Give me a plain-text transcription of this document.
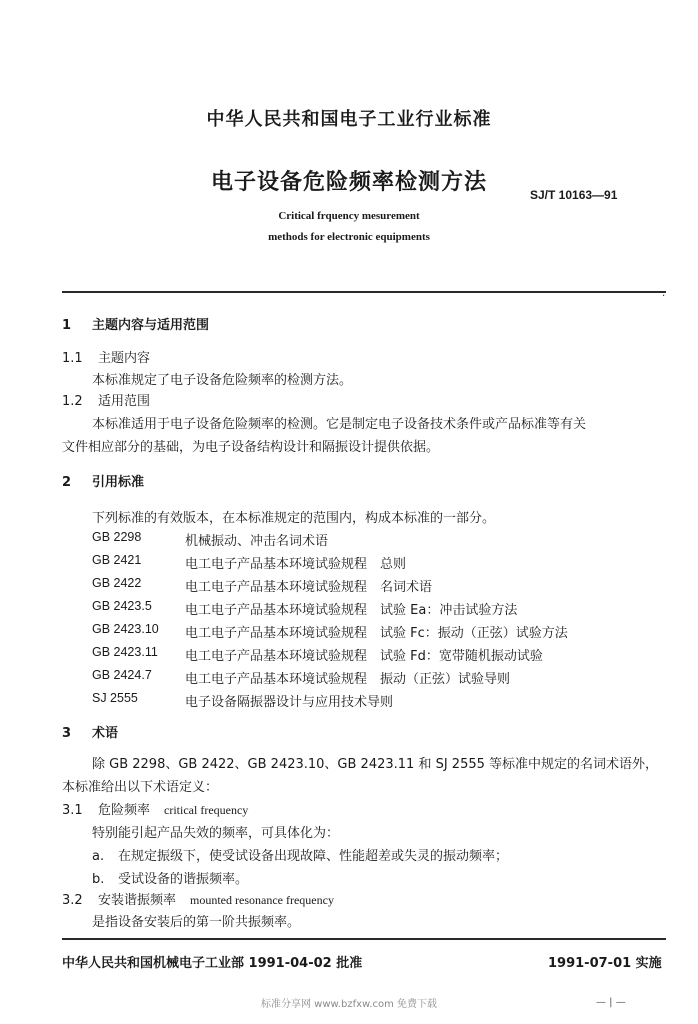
中华人民共和国电子工业行业标准
电子设备危险频率检测方法	SJ/T 10163—91
Critical frquency mesurement
methods for electronic equipments
.
1 主题内容与适用范围
1.1 主题内容
本标准规定了电子设备危险频率的检测方法。
1.2 适用范围
本标准适用于电子设备危险频率的检测。它是制定电子设备技术条件或产品标准等有关
文件相应部分的基础，为电子设备结构设计和隔振设计提供依据。
2 引用标准
下列标准的有效版本，在本标准规定的范围内，构成本标准的一部分。
GB 2298	机械振动、冲击名词术语
GB 2421	电工电子产品基本环境试验规程　总则
GB 2422	电工电子产品基本环境试验规程　名词术语
GB 2423.5	电工电子产品基本环境试验规程　试验 Ea：冲击试验方法
GB 2423.10 电工电子产品基本环境试验规程　试验 Fc：振动（正弦）试验方法
GB 2423.11 电工电子产品基本环境试验规程　试验 Fd：宽带随机振动试验
GB 2424.7	电工电子产品基本环境试验规程　振动（正弦）试验导则
SJ 2555	电子设备隔振器设计与应用技术导则
3 术语
除 GB 2298、GB 2422、GB 2423.10、GB 2423.11 和 SJ 2555 等标准中规定的名词术语外，
本标准给出以下术语定义：
3.1 危险频率 critical frequency
特别能引起产品失效的频率，可具体化为：
a. 在规定振级下，使受试设备出现故障、性能超差或失灵的振动频率；
b. 受试设备的谐振频率。
3.2 安装谐振频率 mounted resonance frequency
是指设备安装后的第一阶共振频率。
中华人民共和国机械电子工业部 1991-04-02 批准	1991-07-01 实施
标准分享网 www.bzfxw.com 免费下载	— | —
